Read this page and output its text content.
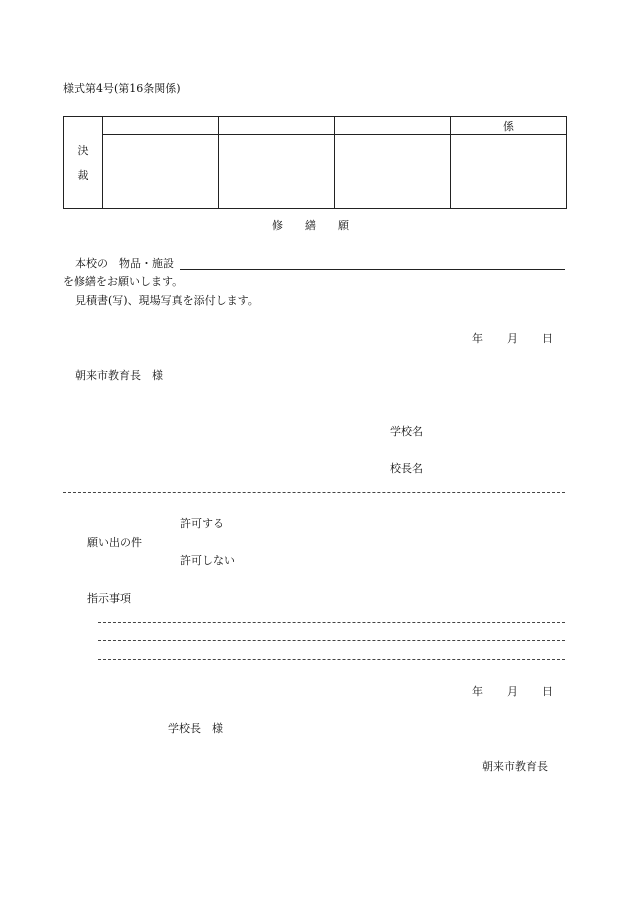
様式第4号(第16条関係)
決
裁				係

修　　繕　　願
本校の　物品・施設
を修繕をお願いします。
見積書(写)、現場写真を添付します。
年 月 日
朝来市教育長　様
学校名
校長名
許可する
願い出の件
許可しない
指示事項
年 月 日
学校長　様
朝来市教育長
